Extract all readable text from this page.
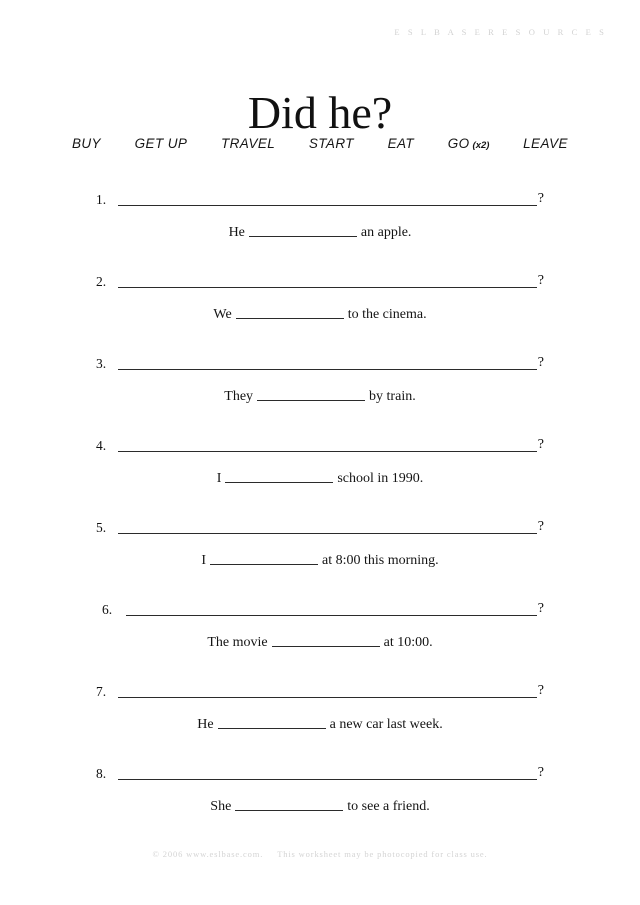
E S L B A S E R E S O U R C E S
Did he?
BUY GET UP TRAVEL START EAT GO (x2) LEAVE
1.	?
He	an apple.
2.	?
We	to the cinema.
3.	?
They	by train.
4.	?
I	school in 1990.
5.	?
I	at 8:00 this morning.
6.	?
The movie	at 10:00.
7.	?
He	a new car last week.
8.	?
She	to see a friend.
© 2006 www.eslbase.com. This worksheet may be photocopied for class use.
